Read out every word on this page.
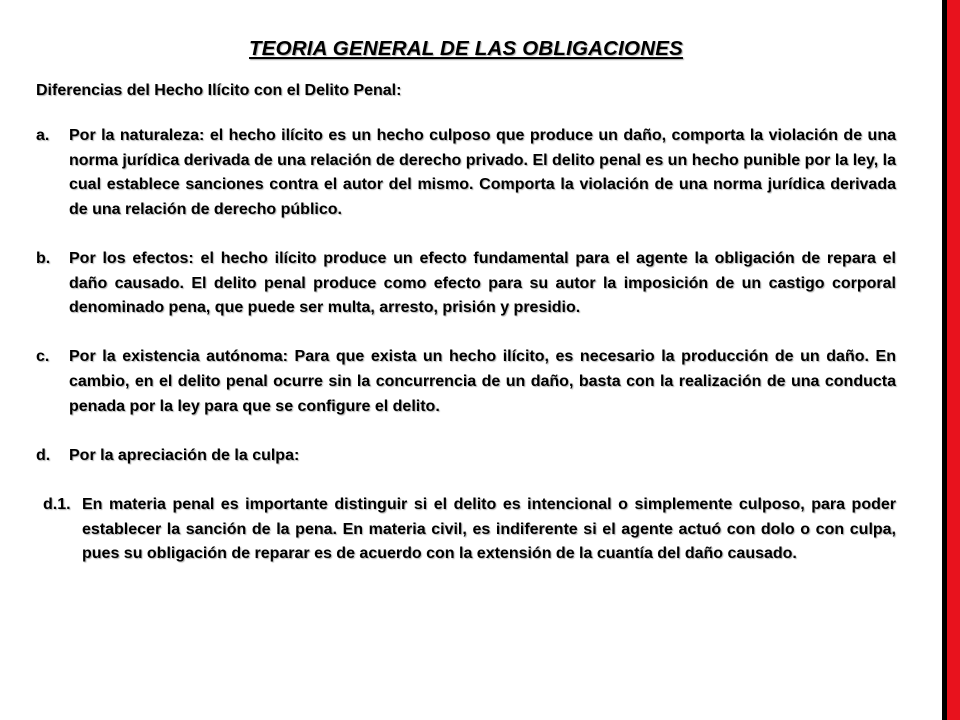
TEORIA GENERAL DE LAS OBLIGACIONES
Diferencias del Hecho Ilícito con el Delito Penal:
a.	Por la naturaleza: el hecho ilícito es un hecho culposo que produce un daño, comporta la violación de una norma jurídica derivada de una relación de derecho privado. El delito penal es un hecho punible por la ley, la cual establece sanciones contra el autor del mismo. Comporta la violación de una norma jurídica derivada de una relación de derecho público.
b.	Por los efectos: el hecho ilícito produce un efecto fundamental para el agente la obligación de repara el daño causado. El delito penal produce como efecto para su autor la imposición de un castigo corporal denominado pena, que puede ser multa, arresto, prisión y presidio.
c.	Por la existencia autónoma: Para que exista un hecho ilícito, es necesario la producción de un daño. En cambio, en el delito penal ocurre sin la concurrencia de un daño, basta con la realización de una conducta penada por la ley para que se configure el delito.
d.	Por la apreciación de la culpa:
d.1. En materia penal es importante distinguir si el delito es intencional o simplemente culposo, para poder establecer la sanción de la pena. En materia civil, es indiferente si el agente actuó con dolo o con culpa, pues su obligación de reparar es de acuerdo con la extensión de la cuantía del daño causado.
